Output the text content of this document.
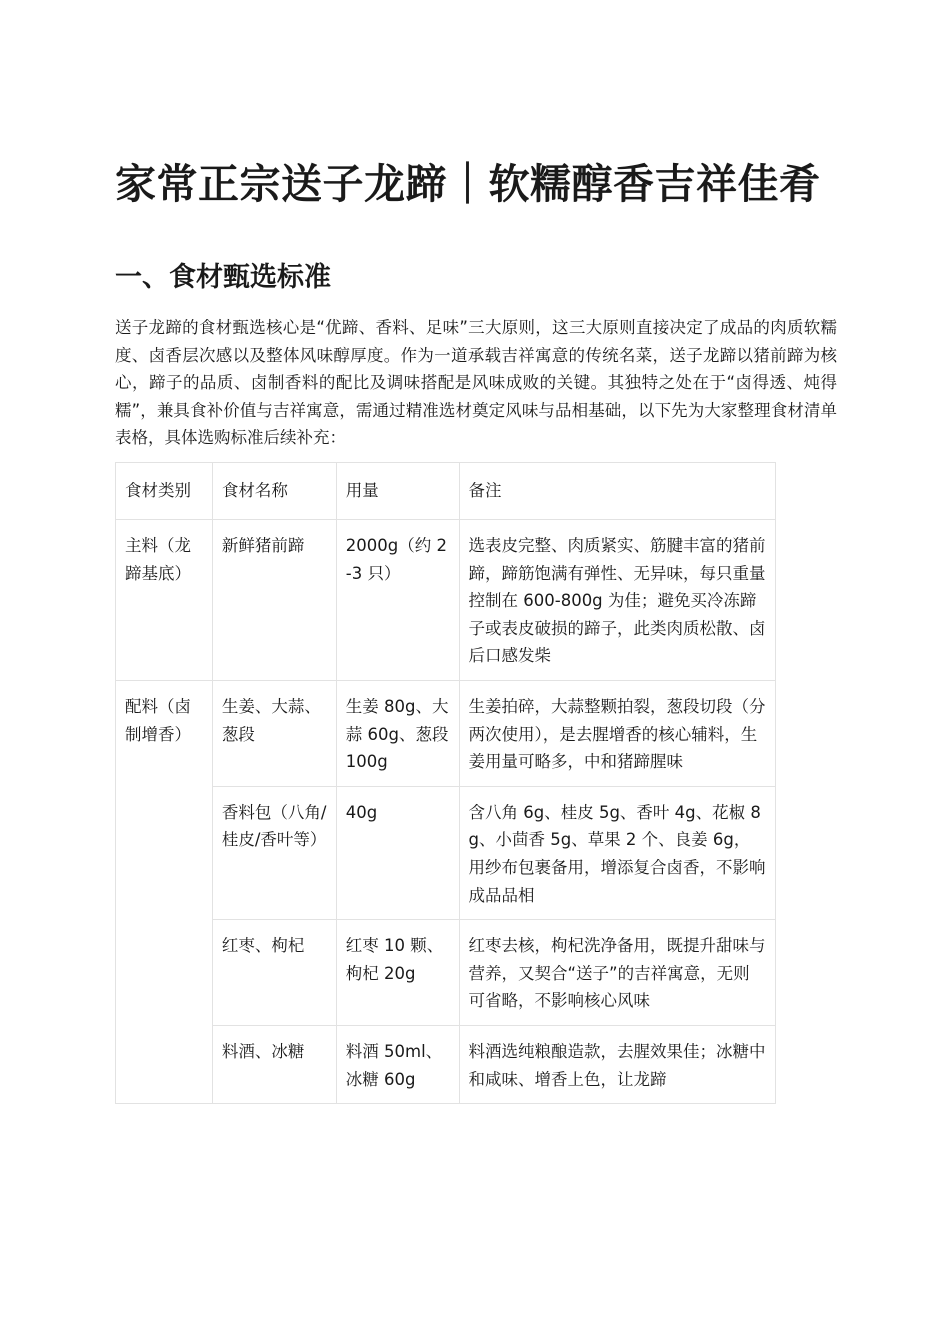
家常正宗送子龙蹄｜软糯醇香吉祥佳肴
一、食材甄选标准

送子龙蹄的食材甄选核心是“优蹄、香料、足味”三大原则，这三大原则直接决定了成品的肉质软糯度、卤香层次感以及整体风味醇厚度。作为一道承载吉祥寓意的传统名菜，送子龙蹄以猪前蹄为核心，蹄子的品质、卤制香料的配比及调味搭配是风味成败的关键。其独特之处在于“卤得透、炖得糯”，兼具食补价值与吉祥寓意，需通过精准选材奠定风味与品相基础，以下先为大家整理食材清单表格，具体选购标准后续补充：

食材类别	食材名称	用量	备注
主料（龙蹄基底）	新鲜猪前蹄	2000g（约 2-3 只）	选表皮完整、肉质紧实、筋腱丰富的猪前蹄，蹄筋饱满有弹性、无异味，每只重量控制在 600-800g 为佳；避免买冷冻蹄子或表皮破损的蹄子，此类肉质松散、卤后口感发柴
配料（卤制增香）	生姜、大蒜、葱段	生姜 80g、大蒜 60g、葱段 100g	生姜拍碎，大蒜整颗拍裂，葱段切段（分两次使用），是去腥增香的核心辅料，生姜用量可略多，中和猪蹄腥味
	香料包（八角/桂皮/香叶等）	40g	含八角 6g、桂皮 5g、香叶 4g、花椒 8g、小茴香 5g、草果 2 个、良姜 6g，用纱布包裹备用，增添复合卤香，不影响成品品相
	红枣、枸杞	红枣 10 颗、枸杞 20g	红枣去核，枸杞洗净备用，既提升甜味与营养，又契合“送子”的吉祥寓意，无则可省略，不影响核心风味
	料酒、冰糖	料酒 50ml、冰糖 60g	料酒选纯粮酿造款，去腥效果佳；冰糖中和咸味、增香上色，让龙蹄
